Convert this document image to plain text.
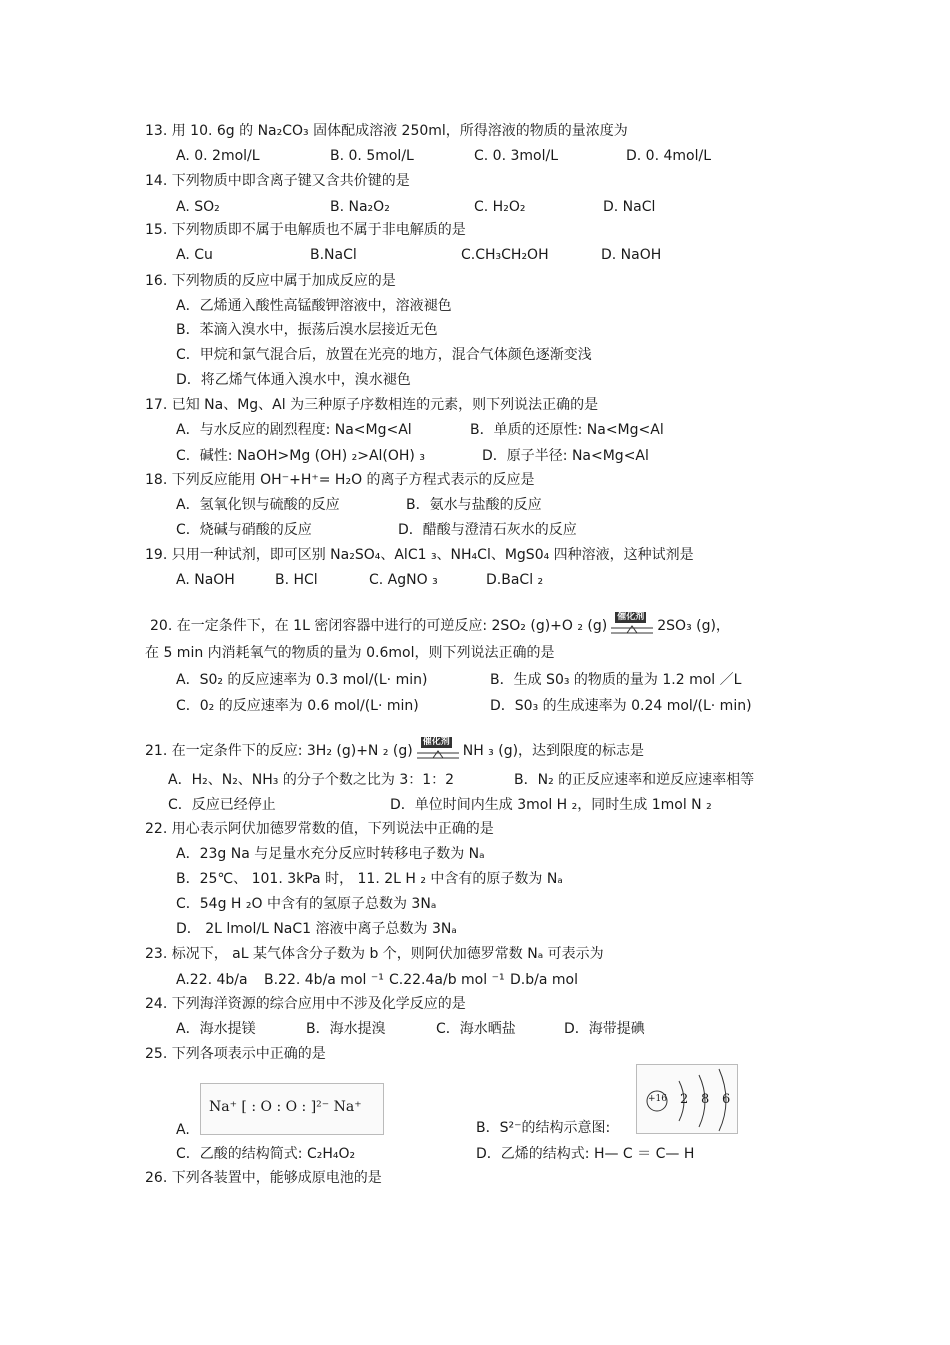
13. 用 10. 6g 的 Na₂CO₃ 固体配成溶液 250ml，所得溶液的物质的量浓度为
A. 0. 2mol/L	B. 0. 5mol/L	C. 0. 3mol/L	D. 0. 4mol/L
14. 下列物质中即含离子键又含共价键的是
A. SO₂	B. Na₂O₂	C. H₂O₂	D. NaCl
15. 下列物质即不属于电解质也不属于非电解质的是
A. Cu	B.NaCl	C.CH₃CH₂OH	D. NaOH
16. 下列物质的反应中属于加成反应的是
A．乙烯通入酸性高锰酸钾溶液中，溶液褪色
B．苯滴入溴水中，振荡后溴水层接近无色
C．甲烷和氯气混合后，放置在光亮的地方，混合气体颜色逐渐变浅
D．将乙烯气体通入溴水中，溴水褪色
17. 已知 Na、Mg、Al 为三种原子序数相连的元素，则下列说法正确的是
A．与水反应的剧烈程度: Na<Mg<Al	B．单质的还原性: Na<Mg<Al
C．碱性: NaOH>Mg (OH) ₂>Al(OH) ₃	D．原子半径: Na<Mg<Al
18. 下列反应能用 OH⁻+H⁺= H₂O 的离子方程式表示的反应是
A．氢氧化钡与硫酸的反应	B．氨水与盐酸的反应
C．烧碱与硝酸的反应	D．醋酸与澄清石灰水的反应
19. 只用一种试剂，即可区别 Na₂SO₄、AlC1 ₃、NH₄Cl、MgS0₄ 四种溶液，这种试剂是
A. NaOH	B. HCl	C. AgNO ₃	D.BaCl ₂
20. 在一定条件下，在 1L 密闭容器中进行的可逆反应: 2SO₂ (g)+O ₂ (g)
催化剂
2SO₃ (g)，
在 5 min 内消耗氧气的物质的量为 0.6mol，则下列说法正确的是
A．S0₂ 的反应速率为 0.3 mol/(L· min)	B．生成 S0₃ 的物质的量为 1.2 mol ／L
C．0₂ 的反应速率为 0.6 mol/(L· min)	D．S0₃ 的生成速率为 0.24 mol/(L· min)
21. 在一定条件下的反应: 3H₂ (g)+N ₂ (g)
催化剂
NH ₃ (g)，达到限度的标志是
A．H₂、N₂、NH₃ 的分子个数之比为 3：1：2	B．N₂ 的正反应速率和逆反应速率相等
C．反应已经停止	D．单位时间内生成 3mol H ₂，同时生成 1mol N ₂
22. 用心表示阿伏加德罗常数的值，下列说法中正确的是
A．23g Na 与足量水充分反应时转移电子数为 Nₐ
B．25℃、 101. 3kPa 时， 11. 2L H ₂ 中含有的原子数为 Nₐ
C．54g H ₂O 中含有的氢原子总数为 3Nₐ
D． 2L lmol/L NaC1 溶液中离子总数为 3Nₐ
23. 标况下， aL 某气体含分子数为 b 个，则阿伏加德罗常数 Nₐ 可表示为
A.22. 4b/a B.22. 4b/a mol ⁻¹ C.22.4a/b mol ⁻¹ D.b/a mol
24. 下列海洋资源的综合应用中不涉及化学反应的是
A．海水提镁	B．海水提溴	C．海水晒盐	D．海带提碘
25. 下列各项表示中正确的是
A.
Na⁺ [ : O : O : ]²⁻ Na⁺
B．S²⁻的结构示意图:
+16 2 8 6
C．乙酸的结构简式: C₂H₄O₂	D．乙烯的结构式: H— C ＝ C— H
26. 下列各装置中，能够成原电池的是
